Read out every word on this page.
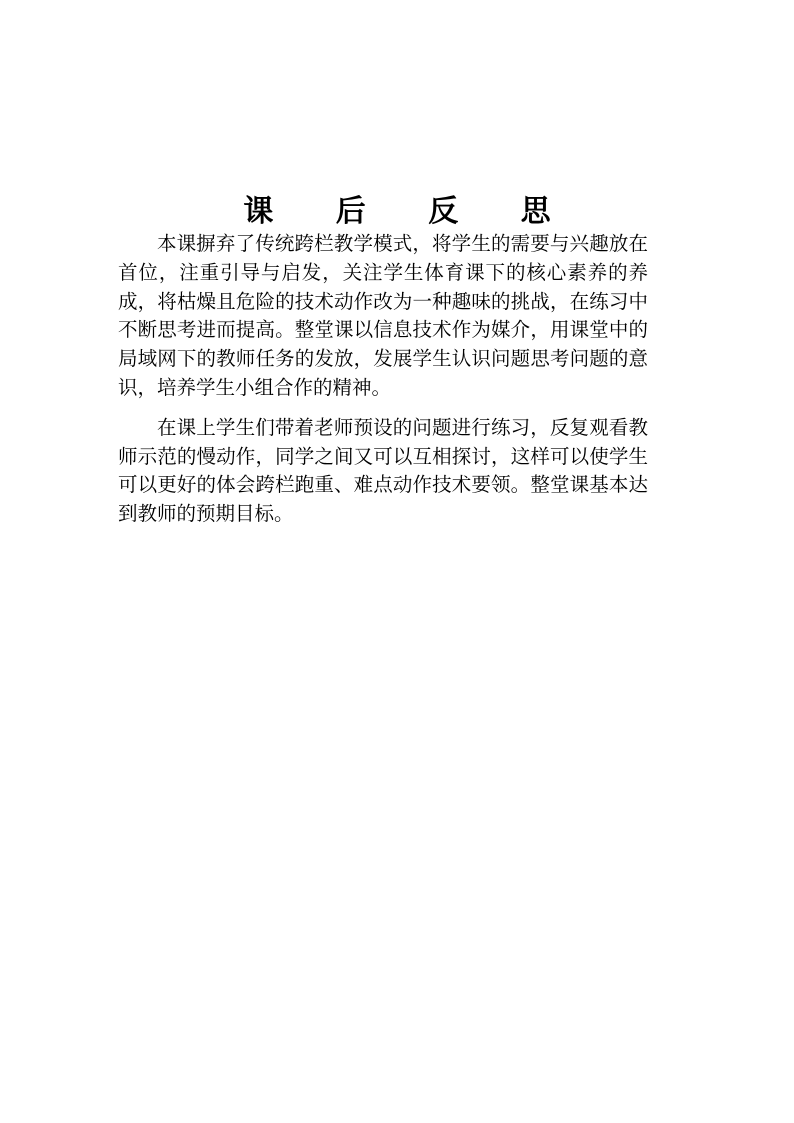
课 后 反 思

本课摒弃了传统跨栏教学模式，将学生的需要与兴趣放在首位，注重引导与启发，关注学生体育课下的核心素养的养成，将枯燥且危险的技术动作改为一种趣味的挑战，在练习中不断思考进而提高。整堂课以信息技术作为媒介，用课堂中的局域网下的教师任务的发放，发展学生认识问题思考问题的意识，培养学生小组合作的精神。

在课上学生们带着老师预设的问题进行练习，反复观看教师示范的慢动作，同学之间又可以互相探讨，这样可以使学生可以更好的体会跨栏跑重、难点动作技术要领。整堂课基本达到教师的预期目标。
